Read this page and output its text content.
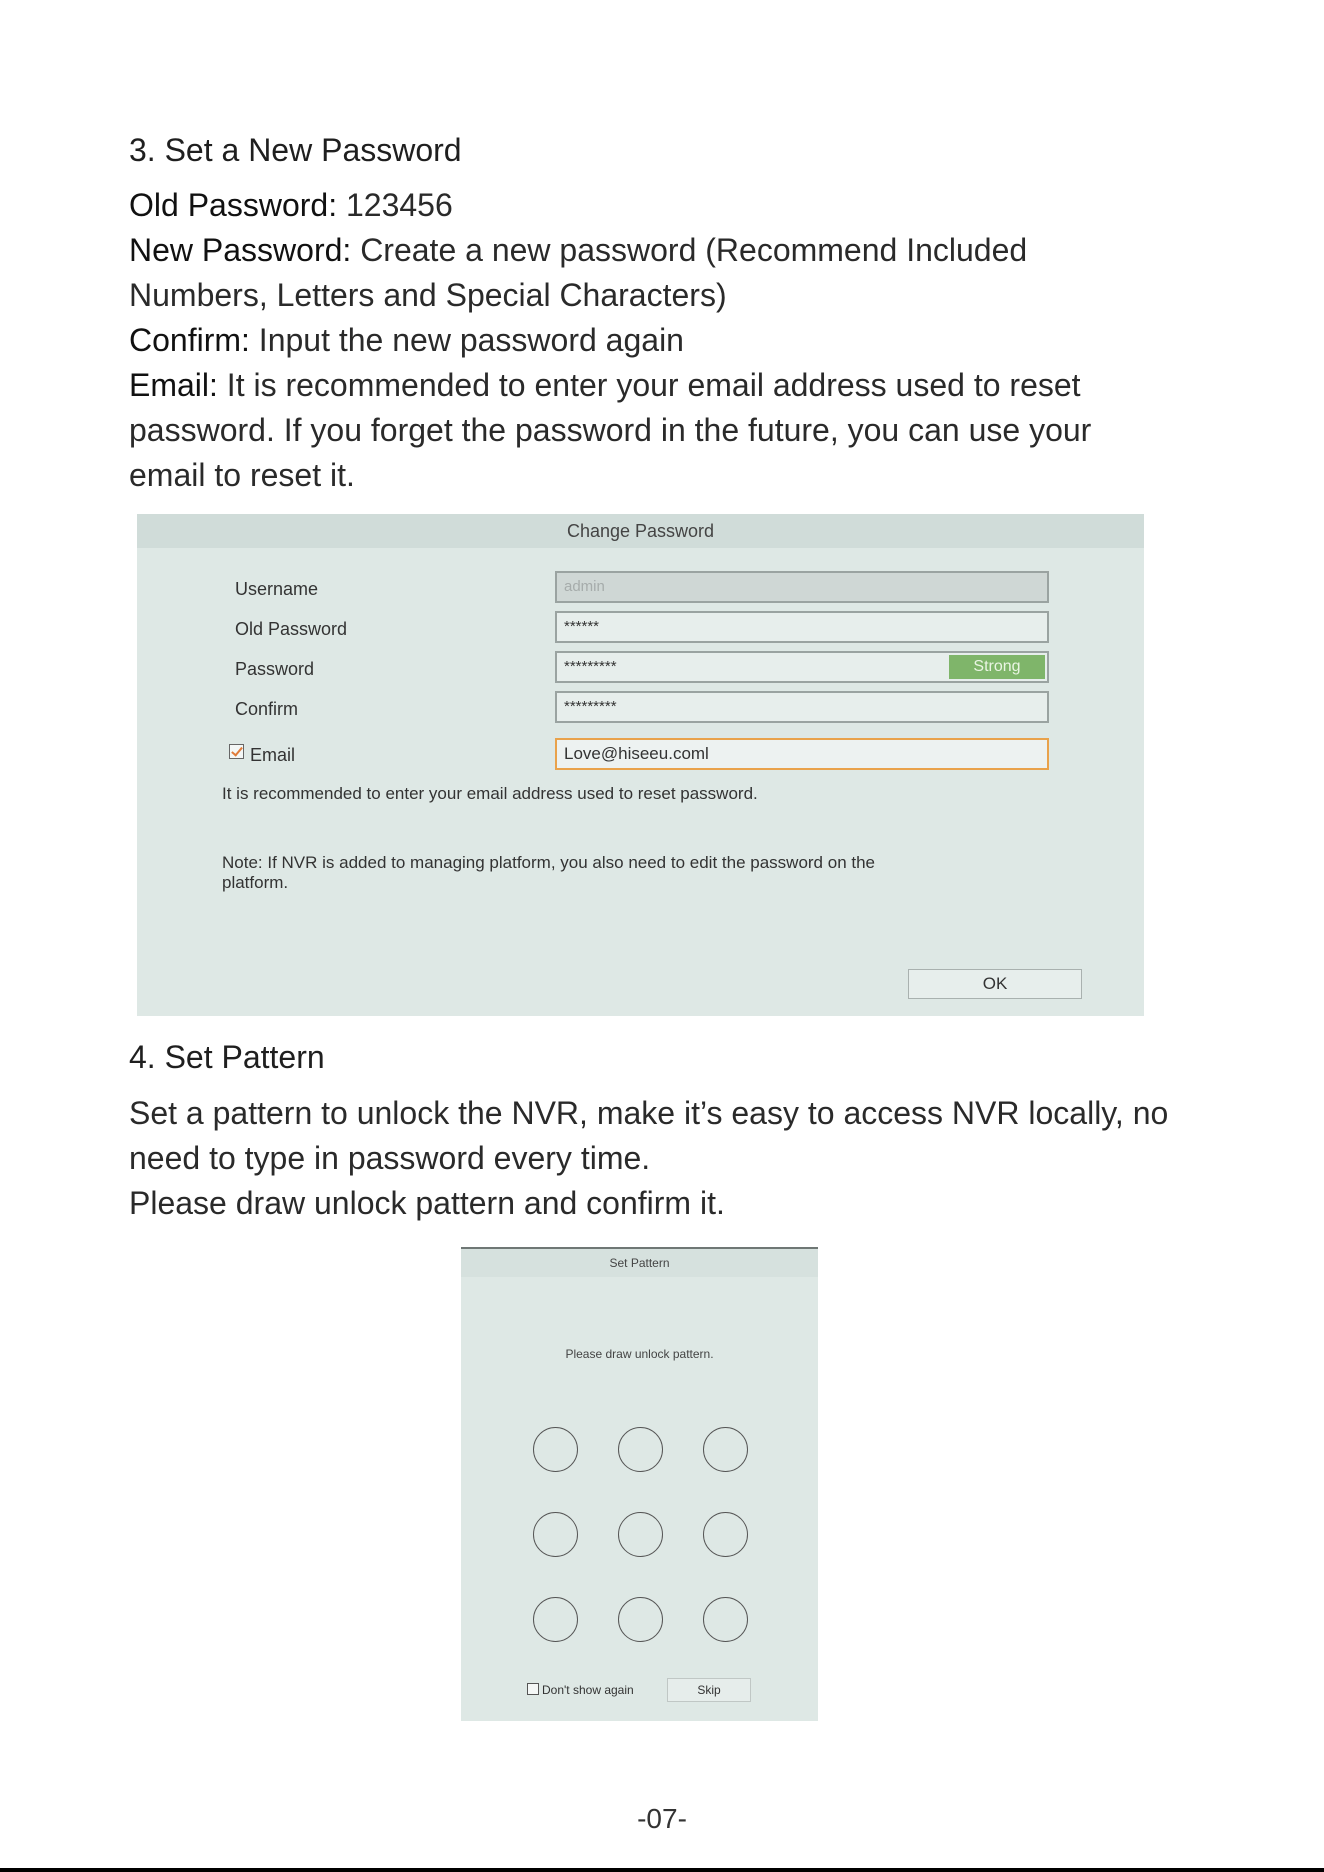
3. Set a New Password
Old Password: 123456
New Password: Create a new password (Recommend Included
Numbers, Letters and Special Characters)
Confirm: Input the new password again
Email: It is recommended to enter your email address used to reset
password. If you forget the password in the future, you can use your
email to reset it.
Change Password
Username	admin
Old Password	******
Password	*********	Strong
Confirm	*********
Email	Love@hiseeu.coml
It is recommended to enter your email address used to reset password.
Note: If NVR is added to managing platform, you also need to edit the password on the
platform.
OK
4. Set Pattern
Set a pattern to unlock the NVR, make it’s easy to access NVR locally, no
need to type in password every time.
Please draw unlock pattern and confirm it.
Set Pattern
Please draw unlock pattern.
Don't show again	Skip
-07-
